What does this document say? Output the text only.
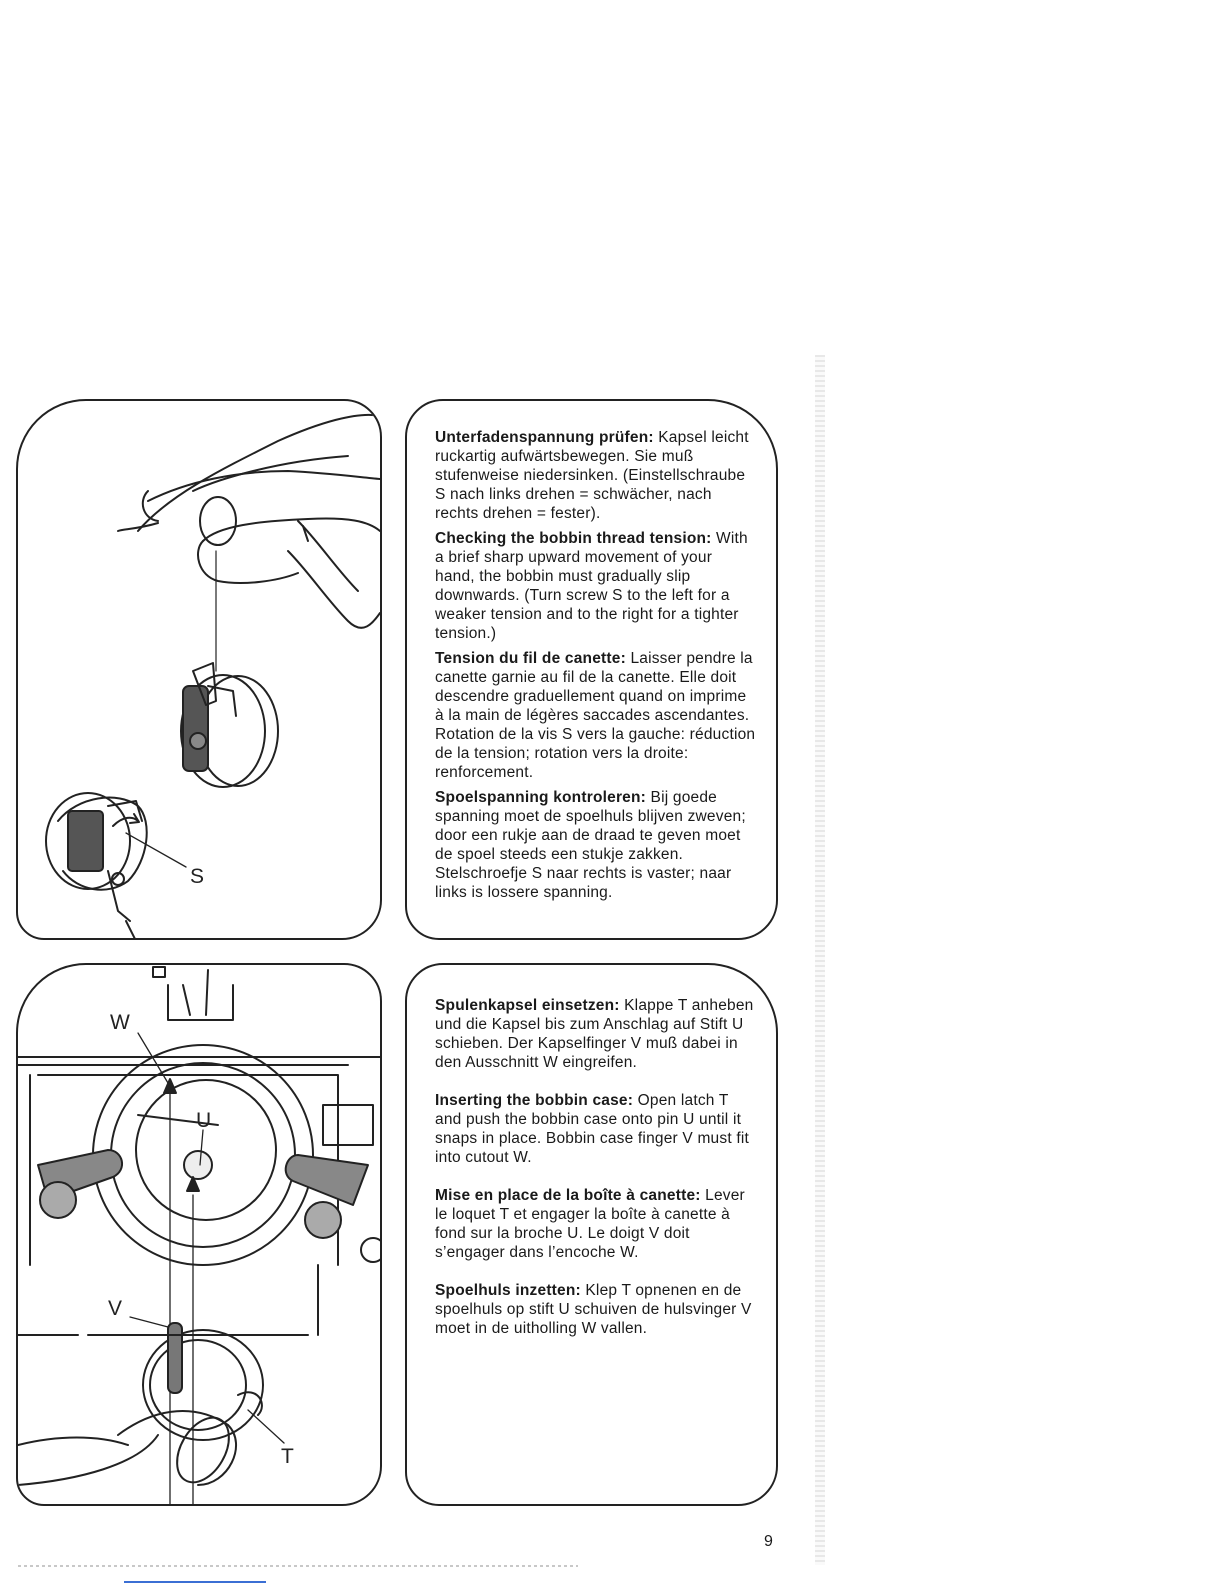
S

Unterfadenspannung prüfen: Kapsel leicht ruckartig aufwärtsbewegen. Sie muß stufenweise niedersinken. (Einstellschraube S nach links drehen = schwächer, nach rechts drehen = fester).

Checking the bobbin thread tension: With a brief sharp upward movement of your hand, the bobbin must gradually slip downwards. (Turn screw S to the left for a weaker tension and to the right for a tighter tension.)

Tension du fil de canette: Laisser pendre la canette garnie au fil de la canette. Elle doit descendre graduellement quand on imprime à la main de légères saccades ascendantes. Rotation de la vis S vers la gauche: réduction de la tension; rotation vers la droite: renforcement.

Spoelspanning kontroleren: Bij goede spanning moet de spoelhuls blijven zweven; door een rukje aan de draad te geven moet de spoel steeds een stukje zakken. Stelschroefje S naar rechts is vaster; naar links is lossere spanning.

W
U
V
T

Spulenkapsel einsetzen: Klappe T anheben und die Kapsel bis zum Anschlag auf Stift U schieben. Der Kapselfinger V muß dabei in den Ausschnitt W eingreifen.

Inserting the bobbin case: Open latch T and push the bobbin case onto pin U until it snaps in place. Bobbin case finger V must fit into cutout W.

Mise en place de la boîte à canette: Lever le loquet T et engager la boîte à canette à fond sur la broche U. Le doigt V doit s’engager dans l’encoche W.

Spoelhuls inzetten: Klep T opnenen en de spoelhuls op stift U schuiven de hulsvinger V moet in de uitholling W vallen.

9
